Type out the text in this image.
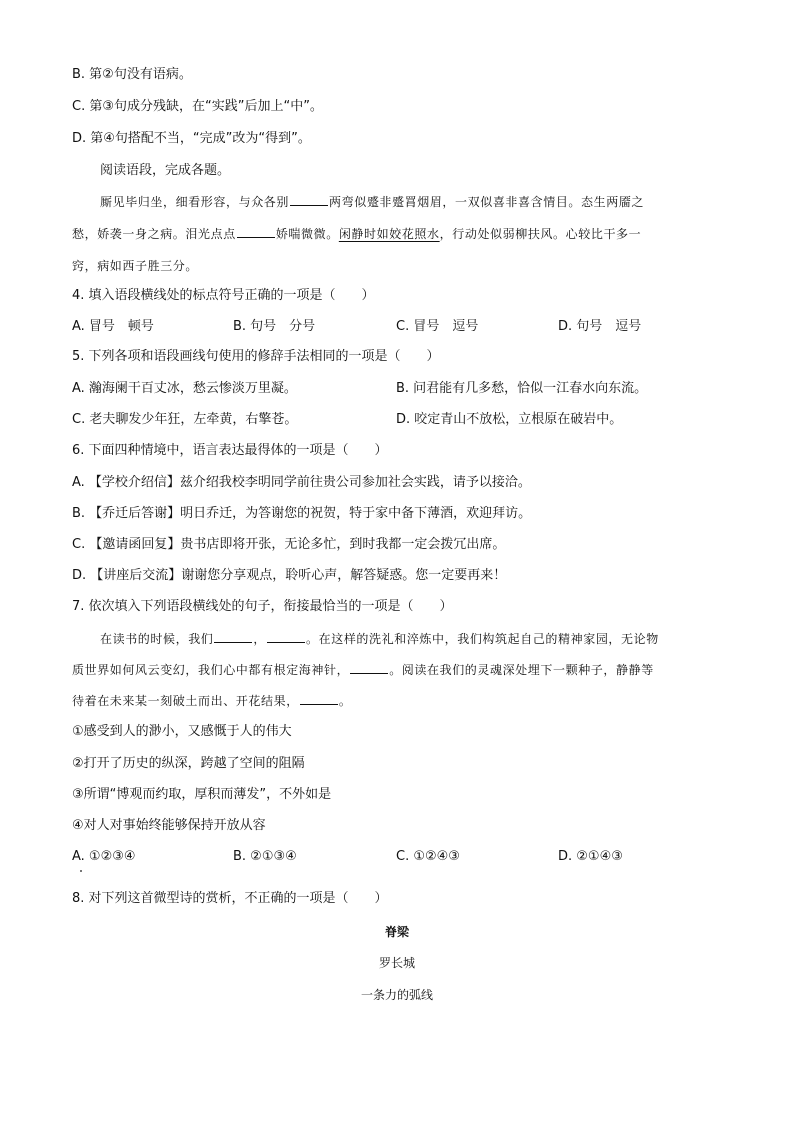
B. 第②句没有语病。
C. 第③句成分残缺，在“实践”后加上“中”。
D. 第④句搭配不当，“完成”改为“得到”。
阅读语段，完成各题。
厮见毕归坐，细看形容，与众各别	两弯似蹙非蹙罥烟眉，一双似喜非喜含情目。态生两靥之
愁，娇袭一身之病。泪光点点	娇喘微微。闲静时如姣花照水，行动处似弱柳扶风。心较比干多一
窍，病如西子胜三分。
4. 填入语段横线处的标点符号正确的一项是（　　）
A. 冒号　顿号	B. 句号　分号	C. 冒号　逗号	D. 句号　逗号
5. 下列各项和语段画线句使用的修辞手法相同的一项是（　　）
A. 瀚海阑干百丈冰，愁云惨淡万里凝。	B. 问君能有几多愁，恰似一江春水向东流。
C. 老夫聊发少年狂，左牵黄，右擎苍。	D. 咬定青山不放松，立根原在破岩中。
6. 下面四种情境中，语言表达最得体的一项是（　　）
A. 【学校介绍信】兹介绍我校李明同学前往贵公司参加社会实践，请予以接洽。
B. 【乔迁后答谢】明日乔迁，为答谢您的祝贺，特于家中备下薄酒，欢迎拜访。
C. 【邀请函回复】贵书店即将开张，无论多忙，到时我都一定会拨冗出席。
D. 【讲座后交流】谢谢您分享观点，聆听心声，解答疑惑。您一定要再来！
7. 依次填入下列语段横线处的句子，衔接最恰当的一项是（　　）
在读书的时候，我们	，	。在这样的洗礼和淬炼中，我们构筑起自己的精神家园，无论物
质世界如何风云变幻，我们心中都有根定海神针，	。阅读在我们的灵魂深处埋下一颗种子，静静等
待着在未来某一刻破土而出、开花结果，	。
①感受到人的渺小，又感慨于人的伟大
②打开了历史的纵深，跨越了空间的阻隔
③所谓“博观而约取，厚积而薄发”，不外如是
④对人对事始终能够保持开放从容
A. ①②③④	B. ②①③④	C. ①②④③	D. ②①④③
8. 对下列这首微型诗的赏析，不正确的一项是（　　）
脊梁
罗长城
一条力的弧线
